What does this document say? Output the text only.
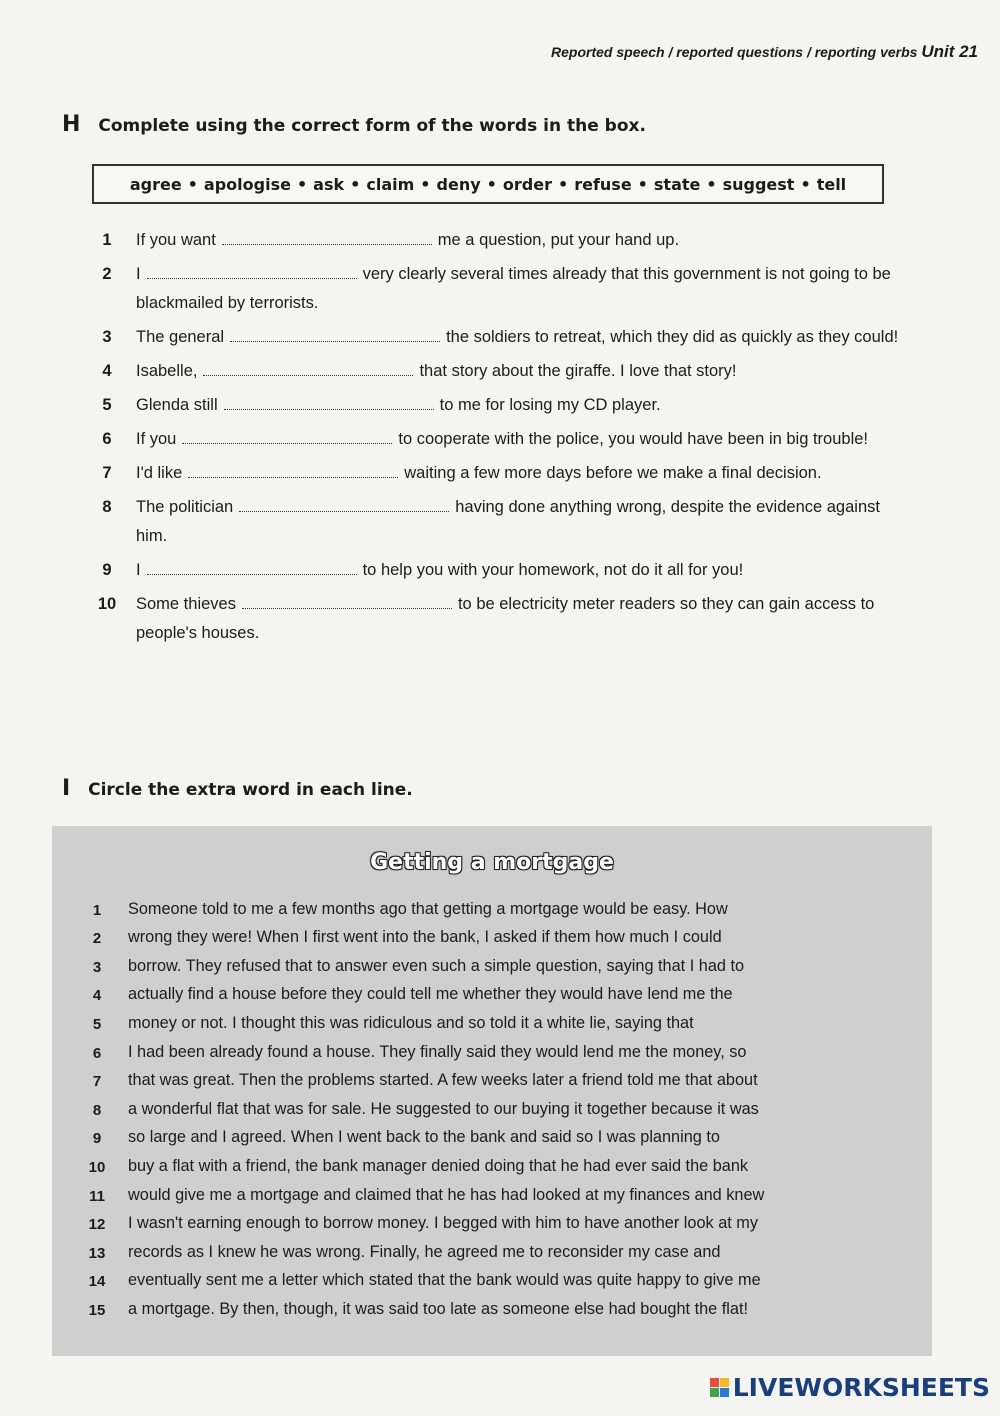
Reported speech / reported questions / reporting verbs Unit 21
H Complete using the correct form of the words in the box.
agree • apologise • ask • claim • deny • order • refuse • state • suggest • tell
1	If you want	me a question, put your hand up.
2	I	very clearly several times already that this government is not going to be blackmailed by terrorists.
3	The general	the soldiers to retreat, which they did as quickly as they could!
4	Isabelle,	that story about the giraffe. I love that story!
5	Glenda still	to me for losing my CD player.
6	If you	to cooperate with the police, you would have been in big trouble!
7	I'd like	waiting a few more days before we make a final decision.
8	The politician	having done anything wrong, despite the evidence against him.
9	I	to help you with your homework, not do it all for you!
10	Some thieves	to be electricity meter readers so they can gain access to people's houses.
I Circle the extra word in each line.
Getting a mortgage
1	Someone told to me a few months ago that getting a mortgage would be easy. How
2	wrong they were! When I first went into the bank, I asked if them how much I could
3	borrow. They refused that to answer even such a simple question, saying that I had to
4	actually find a house before they could tell me whether they would have lend me the
5	money or not. I thought this was ridiculous and so told it a white lie, saying that
6	I had been already found a house. They finally said they would lend me the money, so
7	that was great. Then the problems started. A few weeks later a friend told me that about
8	a wonderful flat that was for sale. He suggested to our buying it together because it was
9	so large and I agreed. When I went back to the bank and said so I was planning to
10	buy a flat with a friend, the bank manager denied doing that he had ever said the bank
11	would give me a mortgage and claimed that he has had looked at my finances and knew
12	I wasn't earning enough to borrow money. I begged with him to have another look at my
13	records as I knew he was wrong. Finally, he agreed me to reconsider my case and
14	eventually sent me a letter which stated that the bank would was quite happy to give me
15	a mortgage. By then, though, it was said too late as someone else had bought the flat!
LIVEWORKSHEETS
